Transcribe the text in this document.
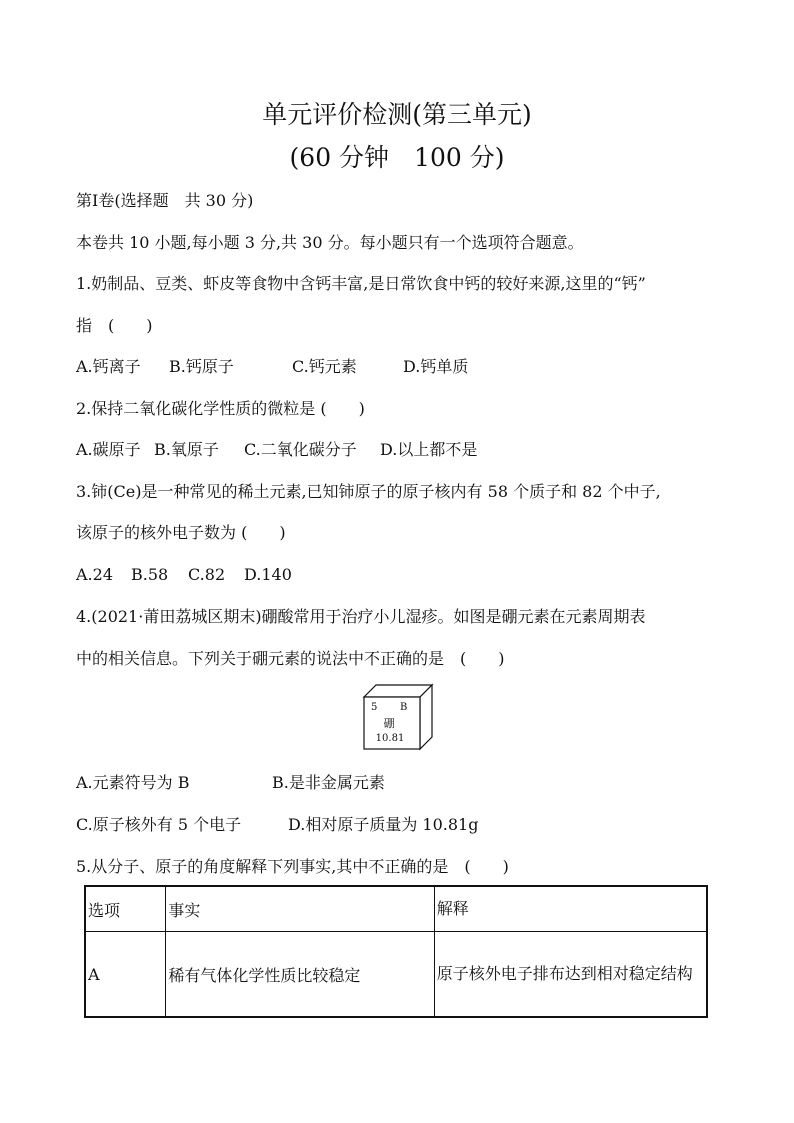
单元评价检测(第三单元)
(60 分钟　100 分)
第Ⅰ卷(选择题　共 30 分)
本卷共 10 小题,每小题 3 分,共 30 分。每小题只有一个选项符合题意。
1.奶制品、豆类、虾皮等食物中含钙丰富,是日常饮食中钙的较好来源,这里的“钙”
指　(　　)
A.钙离子 B.钙原子	C.钙元素	D.钙单质
2.保持二氧化碳化学性质的微粒是 (　　)
A.碳原子 B.氧原子 C.二氧化碳分子 D.以上都不是
3.铈(Ce)是一种常见的稀土元素,已知铈原子的原子核内有 58 个质子和 82 个中子,
该原子的核外电子数为 (　　)
A.24 B.58 C.82 D.140
4.(2021·莆田荔城区期末)硼酸常用于治疗小儿湿疹。如图是硼元素在元素周期表
中的相关信息。下列关于硼元素的说法中不正确的是　(　　)
5 B
硼
10.81
A.元素符号为 B	B.是非金属元素
C.原子核外有 5 个电子	D.相对原子质量为 10.81g
5.从分子、原子的角度解释下列事实,其中不正确的是　(　　)
选项	事实	解释
A	稀有气体化学性质比较稳定	原子核外电子排布达到相对稳定结构
